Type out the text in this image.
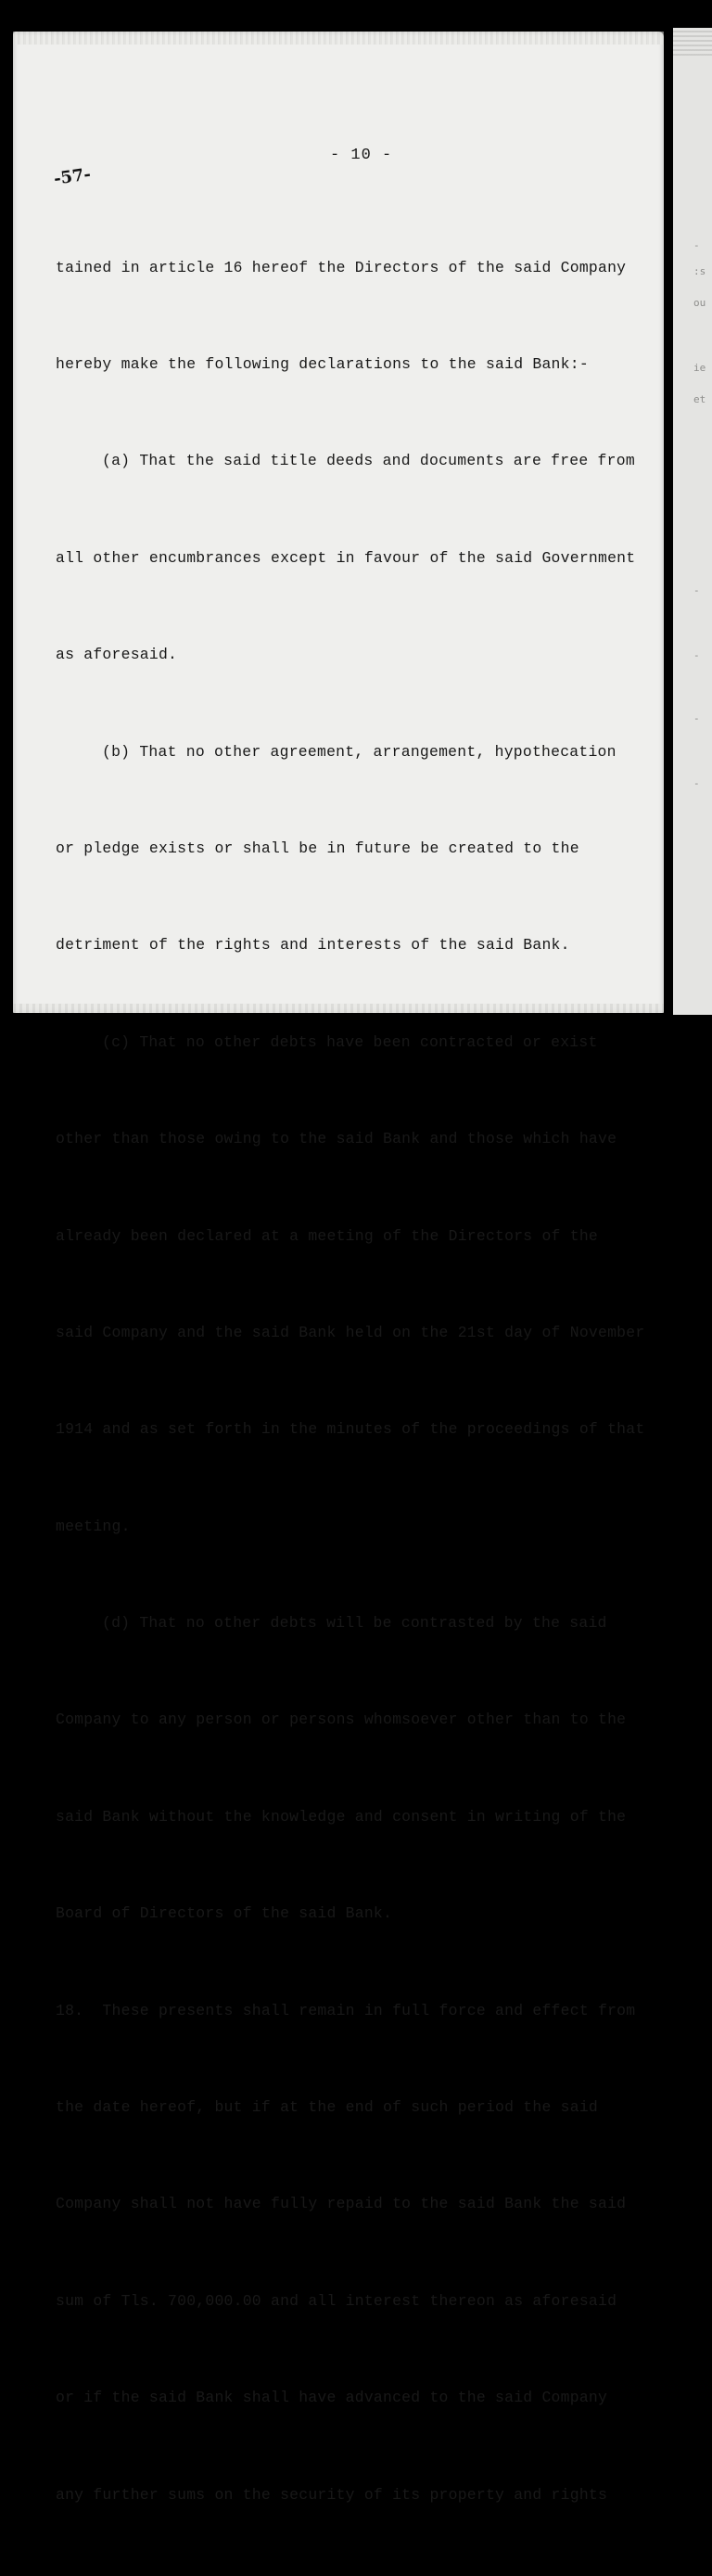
-
:s
ou
ie
et
-
-
-
-
- 10 -
-57-

tained in article 16 hereof the Directors of the said Company

hereby make the following declarations to the said Bank:-

(a) That the said title deeds and documents are free from

all other encumbrances except in favour of the said Government

as aforesaid.

(b) That no other agreement, arrangement, hypothecation

or pledge exists or shall be in future be created to the

detriment of the rights and interests of the said Bank.

(c) That no other debts have been contracted or exist

other than those owing to the said Bank and those which have

already been declared at a meeting of the Directors of the

said Company and the said Bank held on the 21st day of November

1914 and as set forth in the minutes of the proceedings of that

meeting.

(d) That no other debts will be contrasted by the said

Company to any person or persons whomsoever other than to the

said Bank without the knowledge and consent in writing of the

Board of Directors of the said Bank.

18.  These presents shall remain in full force and effect from

the date hereof, but if at the end of such period the said

Company shall not have fully repaid to the said Bank the said

sum of Tls. 700,000.00 and all interest thereon as aforesaid

or if the said Bank shall have advanced to the said Company

any further sums on the security of its property and rights
